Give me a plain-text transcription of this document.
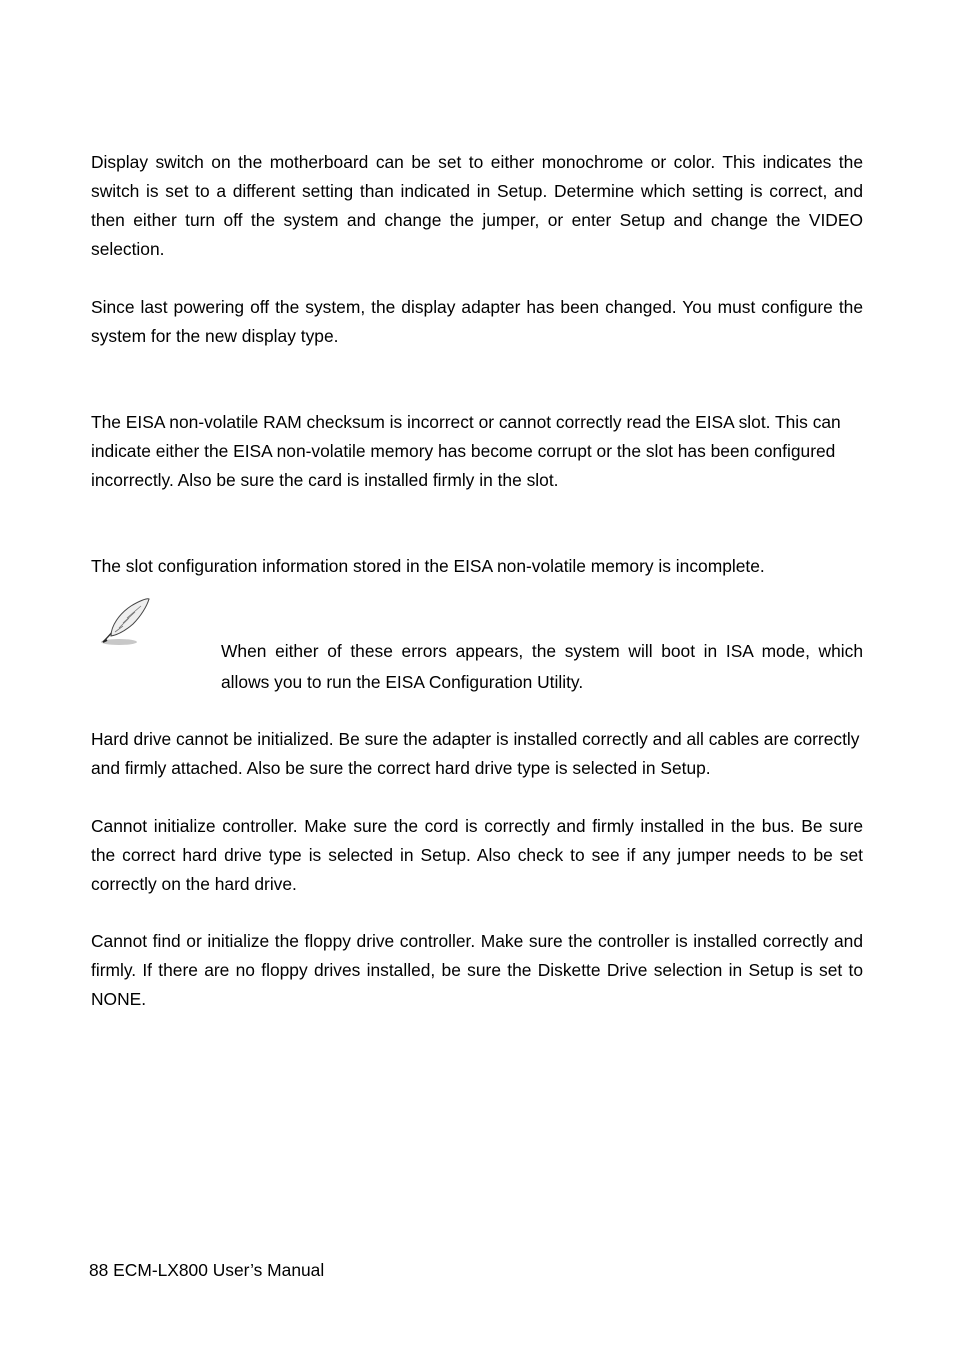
Display switch on the motherboard can be set to either monochrome or color. This indicates the switch is set to a different setting than indicated in Setup. Determine which setting is correct, and then either turn off the system and change the jumper, or enter Setup and change the VIDEO selection.

Since last powering off the system, the display adapter has been changed. You must configure the system for the new display type.

The EISA non-volatile RAM checksum is incorrect or cannot correctly read the EISA slot. This can indicate either the EISA non-volatile memory has become corrupt or the slot has been configured incorrectly. Also be sure the card is installed firmly in the slot.

The slot configuration information stored in the EISA non-volatile memory is incomplete.

When either of these errors appears, the system will boot in ISA mode, which allows you to run the EISA Configuration Utility.

Hard drive cannot be initialized. Be sure the adapter is installed correctly and all cables are correctly and firmly attached. Also be sure the correct hard drive type is selected in Setup.

Cannot initialize controller. Make sure the cord is correctly and firmly installed in the bus. Be sure the correct hard drive type is selected in Setup. Also check to see if any jumper needs to be set correctly on the hard drive.

Cannot find or initialize the floppy drive controller. Make sure the controller is installed correctly and firmly. If there are no floppy drives installed, be sure the Diskette Drive selection in Setup is set to NONE.

88 ECM-LX800 User’s Manual
